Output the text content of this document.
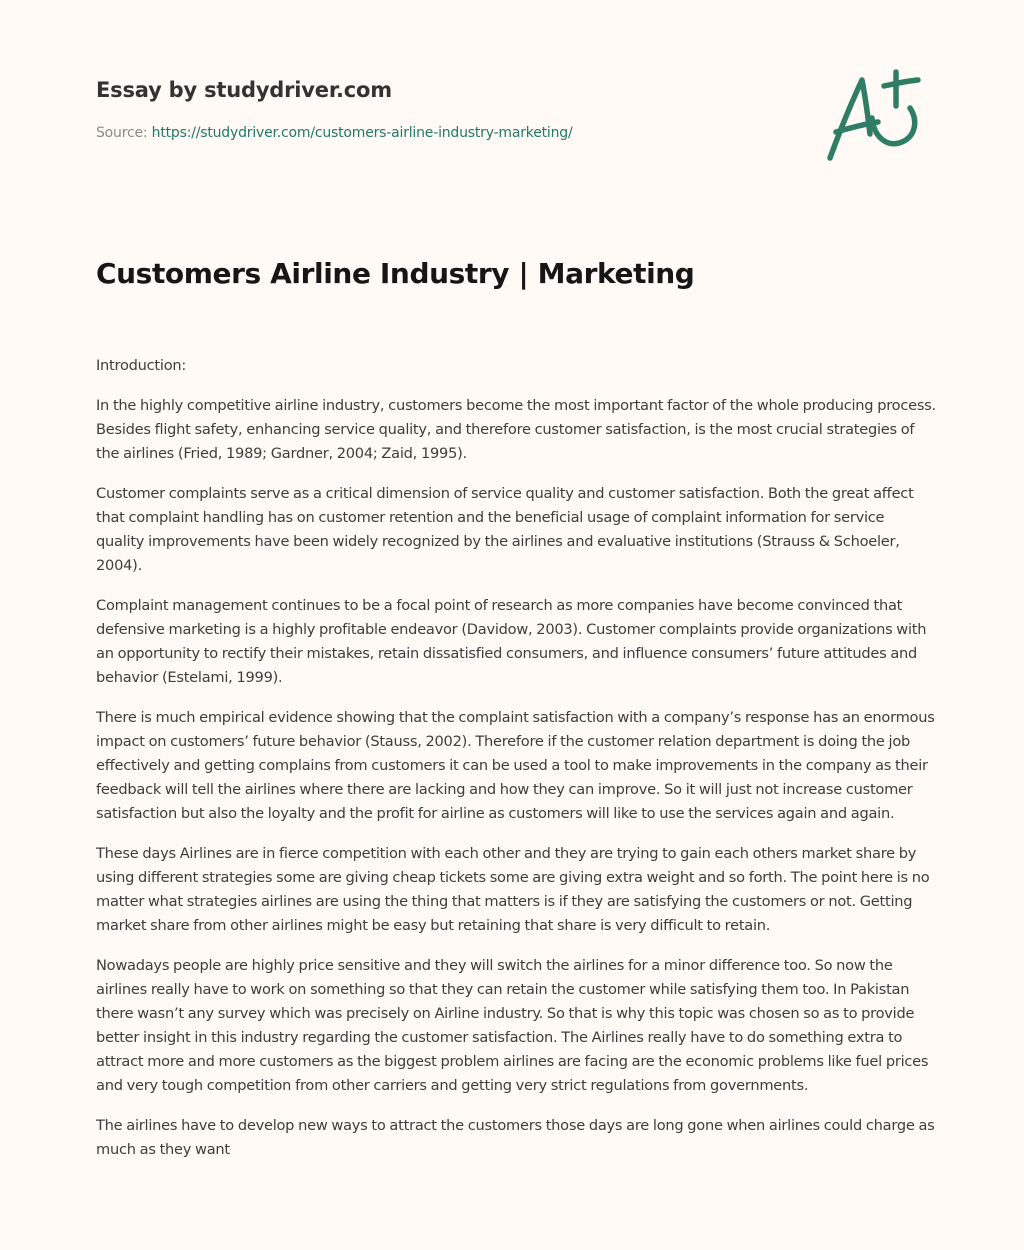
Essay by studydriver.com
Source: https://studydriver.com/customers-airline-industry-marketing/
Customers Airline Industry | Marketing

Introduction:

In the highly competitive airline industry, customers become the most important factor of the whole producing process. Besides flight safety, enhancing service quality, and therefore customer satisfaction, is the most crucial strategies of the airlines (Fried, 1989; Gardner, 2004; Zaid, 1995).

Customer complaints serve as a critical dimension of service quality and customer satisfaction. Both the great affect that complaint handling has on customer retention and the beneficial usage of complaint information for service quality improvements have been widely recognized by the airlines and evaluative institutions (Strauss & Schoeler, 2004).

Complaint management continues to be a focal point of research as more companies have become convinced that defensive marketing is a highly profitable endeavor (Davidow, 2003). Customer complaints provide organizations with an opportunity to rectify their mistakes, retain dissatisfied consumers, and influence consumers’ future attitudes and behavior (Estelami, 1999).

There is much empirical evidence showing that the complaint satisfaction with a company’s response has an enormous impact on customers’ future behavior (Stauss, 2002). Therefore if the customer relation department is doing the job effectively and getting complains from customers it can be used a tool to make improvements in the company as their feedback will tell the airlines where there are lacking and how they can improve. So it will just not increase customer satisfaction but also the loyalty and the profit for airline as customers will like to use the services again and again.

These days Airlines are in fierce competition with each other and they are trying to gain each others market share by using different strategies some are giving cheap tickets some are giving extra weight and so forth. The point here is no matter what strategies airlines are using the thing that matters is if they are satisfying the customers or not. Getting market share from other airlines might be easy but retaining that share is very difficult to retain.

Nowadays people are highly price sensitive and they will switch the airlines for a minor difference too. So now the airlines really have to work on something so that they can retain the customer while satisfying them too. In Pakistan there wasn’t any survey which was precisely on Airline industry. So that is why this topic was chosen so as to provide better insight in this industry regarding the customer satisfaction. The Airlines really have to do something extra to attract more and more customers as the biggest problem airlines are facing are the economic problems like fuel prices and very tough competition from other carriers and getting very strict regulations from governments.

The airlines have to develop new ways to attract the customers those days are long gone when airlines could charge as much as they want
